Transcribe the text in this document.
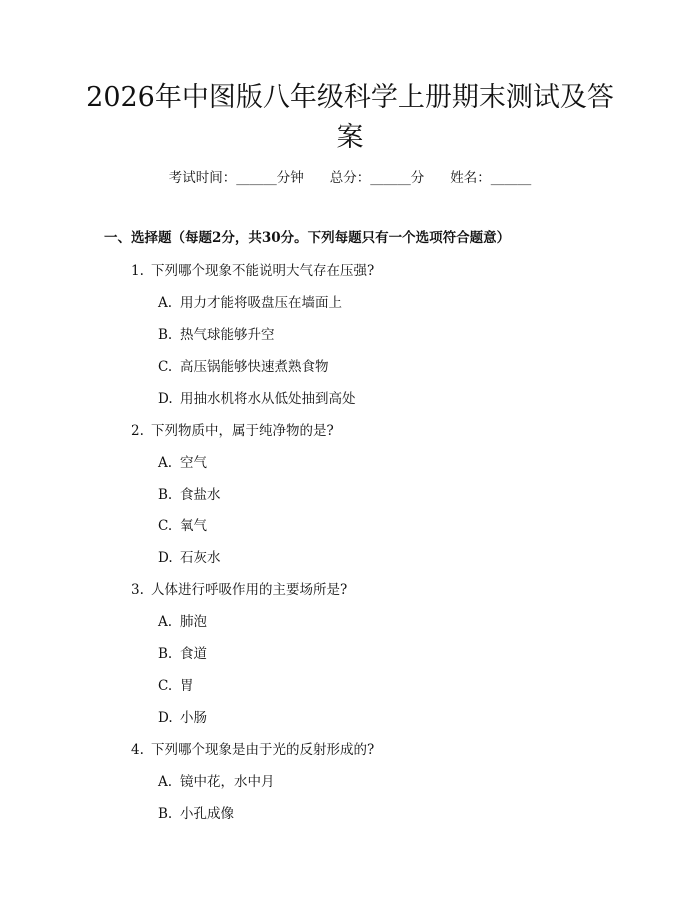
2026年中图版八年级科学上册期末测试及答
案
考试时间：______分钟 总分：______分 姓名：______
一、选择题（每题2分，共30分。下列每题只有一个选项符合题意）
1. 下列哪个现象不能说明大气存在压强?
A. 用力才能将吸盘压在墙面上
B. 热气球能够升空
C. 高压锅能够快速煮熟食物
D. 用抽水机将水从低处抽到高处
2. 下列物质中，属于纯净物的是?
A. 空气
B. 食盐水
C. 氧气
D. 石灰水
3. 人体进行呼吸作用的主要场所是?
A. 肺泡
B. 食道
C. 胃
D. 小肠
4. 下列哪个现象是由于光的反射形成的?
A. 镜中花，水中月
B. 小孔成像
